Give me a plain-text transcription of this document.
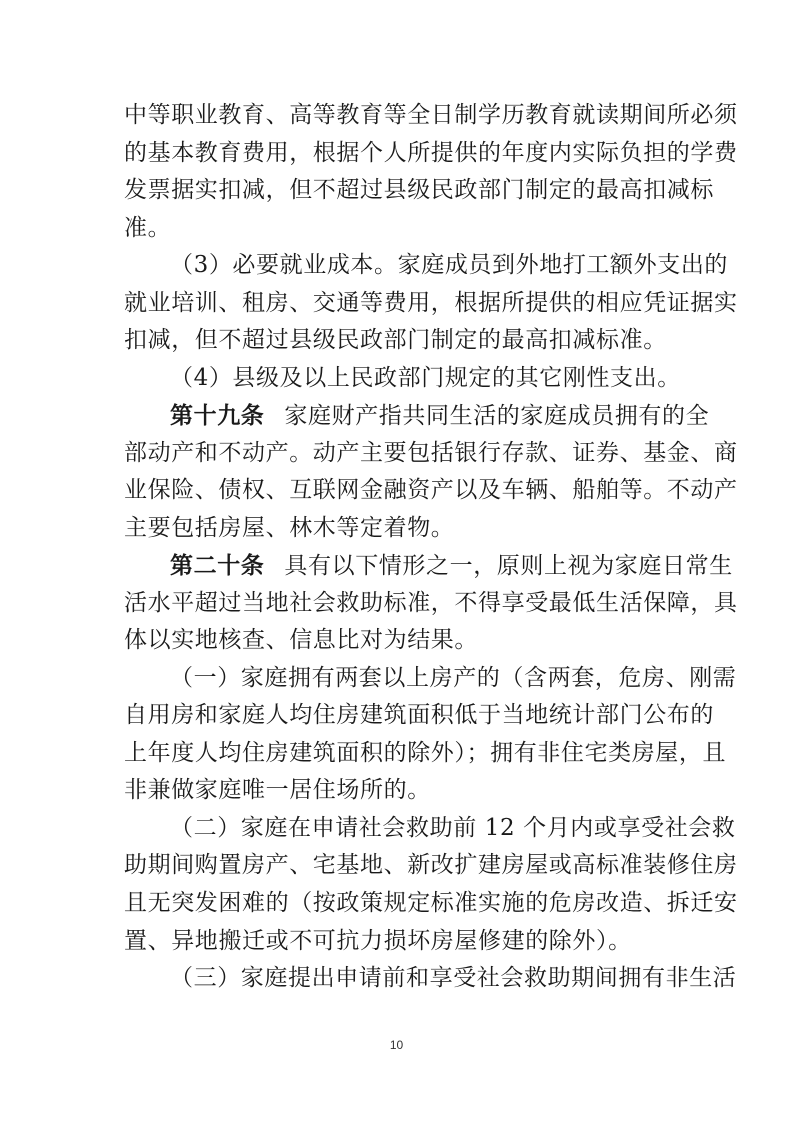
中等职业教育、高等教育等全日制学历教育就读期间所必须
的基本教育费用，根据个人所提供的年度内实际负担的学费
发票据实扣减，但不超过县级民政部门制定的最高扣减标
准。
（3）必要就业成本。家庭成员到外地打工额外支出的
就业培训、租房、交通等费用，根据所提供的相应凭证据实
扣减，但不超过县级民政部门制定的最高扣减标准。
（4）县级及以上民政部门规定的其它刚性支出。
第十九条 家庭财产指共同生活的家庭成员拥有的全
部动产和不动产。动产主要包括银行存款、证券、基金、商
业保险、债权、互联网金融资产以及车辆、船舶等。不动产
主要包括房屋、林木等定着物。
第二十条 具有以下情形之一，原则上视为家庭日常生
活水平超过当地社会救助标准，不得享受最低生活保障，具
体以实地核查、信息比对为结果。
（一）家庭拥有两套以上房产的（含两套，危房、刚需
自用房和家庭人均住房建筑面积低于当地统计部门公布的
上年度人均住房建筑面积的除外）；拥有非住宅类房屋，且
非兼做家庭唯一居住场所的。
（二）家庭在申请社会救助前 12 个月内或享受社会救
助期间购置房产、宅基地、新改扩建房屋或高标准装修住房
且无突发困难的（按政策规定标准实施的危房改造、拆迁安
置、异地搬迁或不可抗力损坏房屋修建的除外）。
（三）家庭提出申请前和享受社会救助期间拥有非生活
10
